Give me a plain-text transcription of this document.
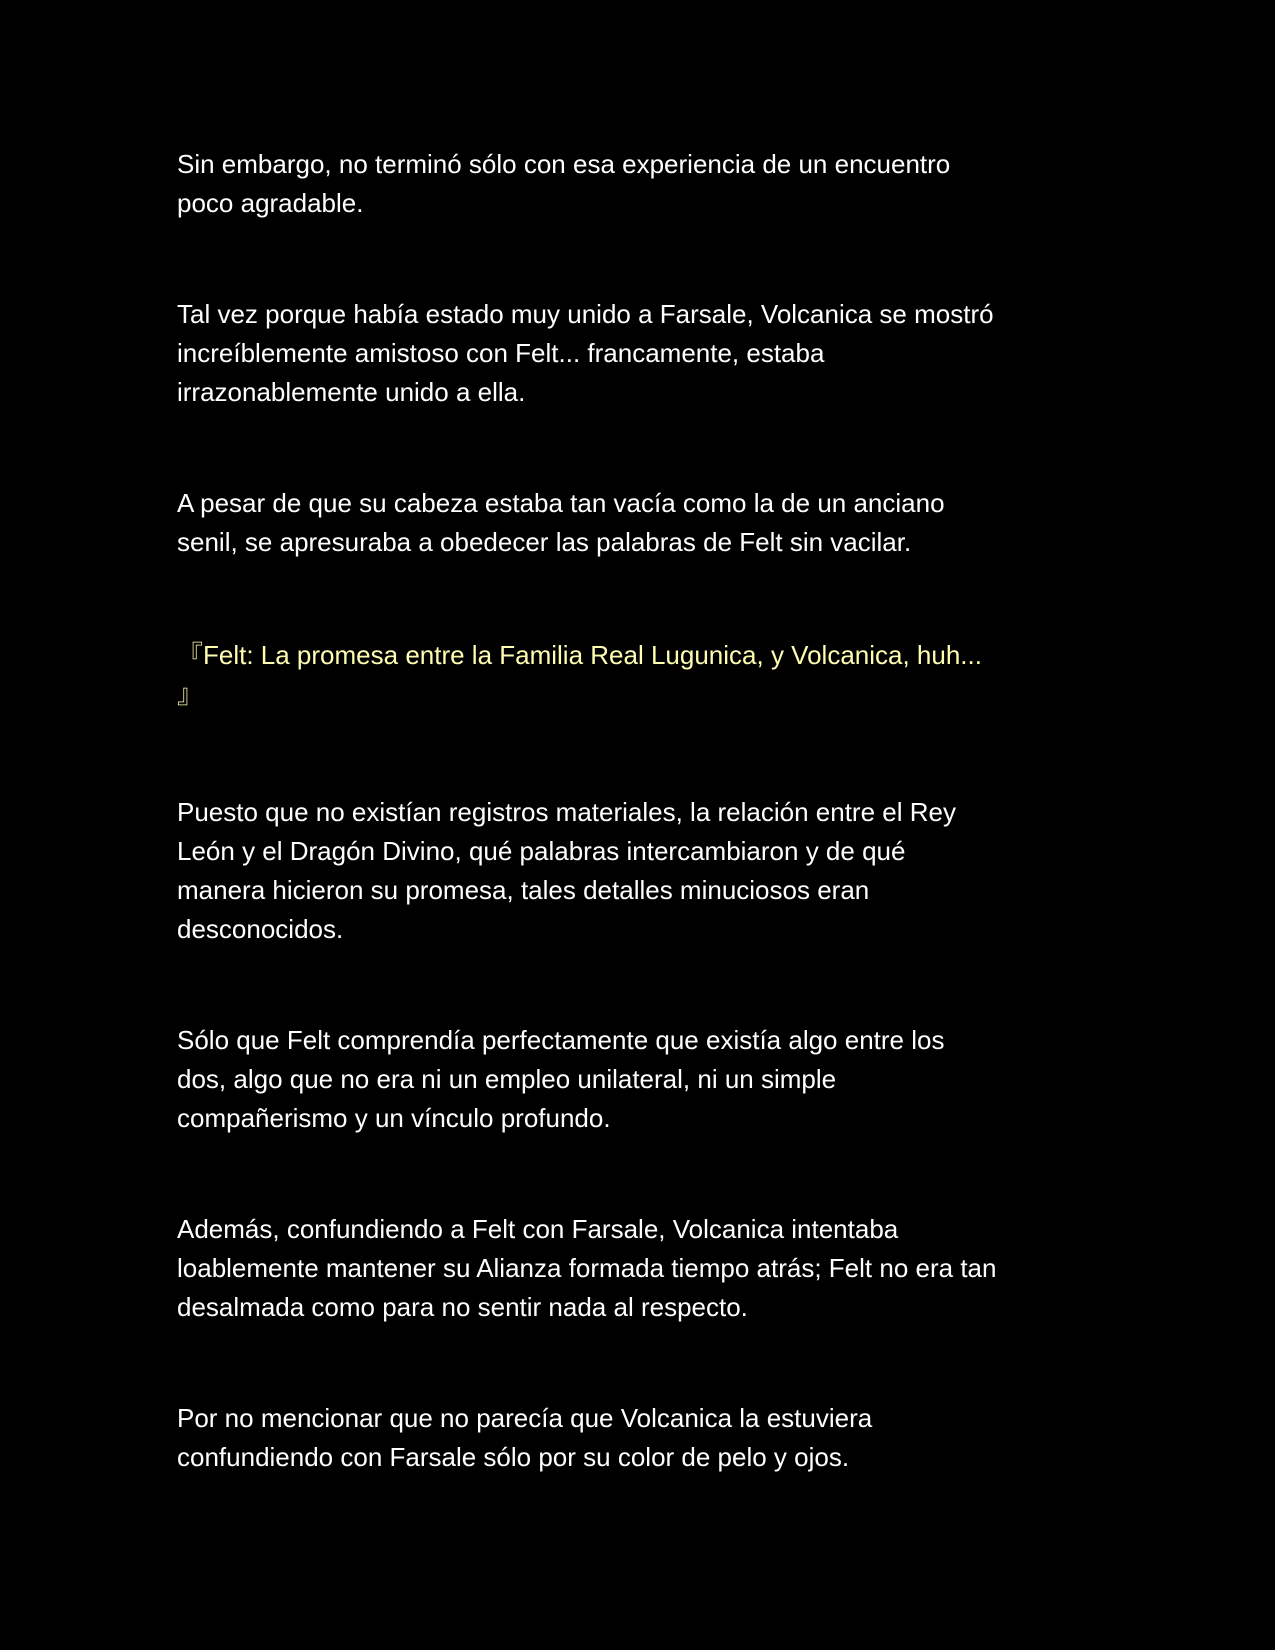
Sin embargo, no terminó sólo con esa experiencia de un encuentro
poco agradable.

Tal vez porque había estado muy unido a Farsale, Volcanica se mostró
increíblemente amistoso con Felt... francamente, estaba
irrazonablemente unido a ella.

A pesar de que su cabeza estaba tan vacía como la de un anciano
senil, se apresuraba a obedecer las palabras de Felt sin vacilar.

『Felt: La promesa entre la Familia Real Lugunica, y Volcanica, huh...
』

Puesto que no existían registros materiales, la relación entre el Rey
León y el Dragón Divino, qué palabras intercambiaron y de qué
manera hicieron su promesa, tales detalles minuciosos eran
desconocidos.

Sólo que Felt comprendía perfectamente que existía algo entre los
dos, algo que no era ni un empleo unilateral, ni un simple
compañerismo y un vínculo profundo.

Además, confundiendo a Felt con Farsale, Volcanica intentaba
loablemente mantener su Alianza formada tiempo atrás; Felt no era tan
desalmada como para no sentir nada al respecto.

Por no mencionar que no parecía que Volcanica la estuviera
confundiendo con Farsale sólo por su color de pelo y ojos.
